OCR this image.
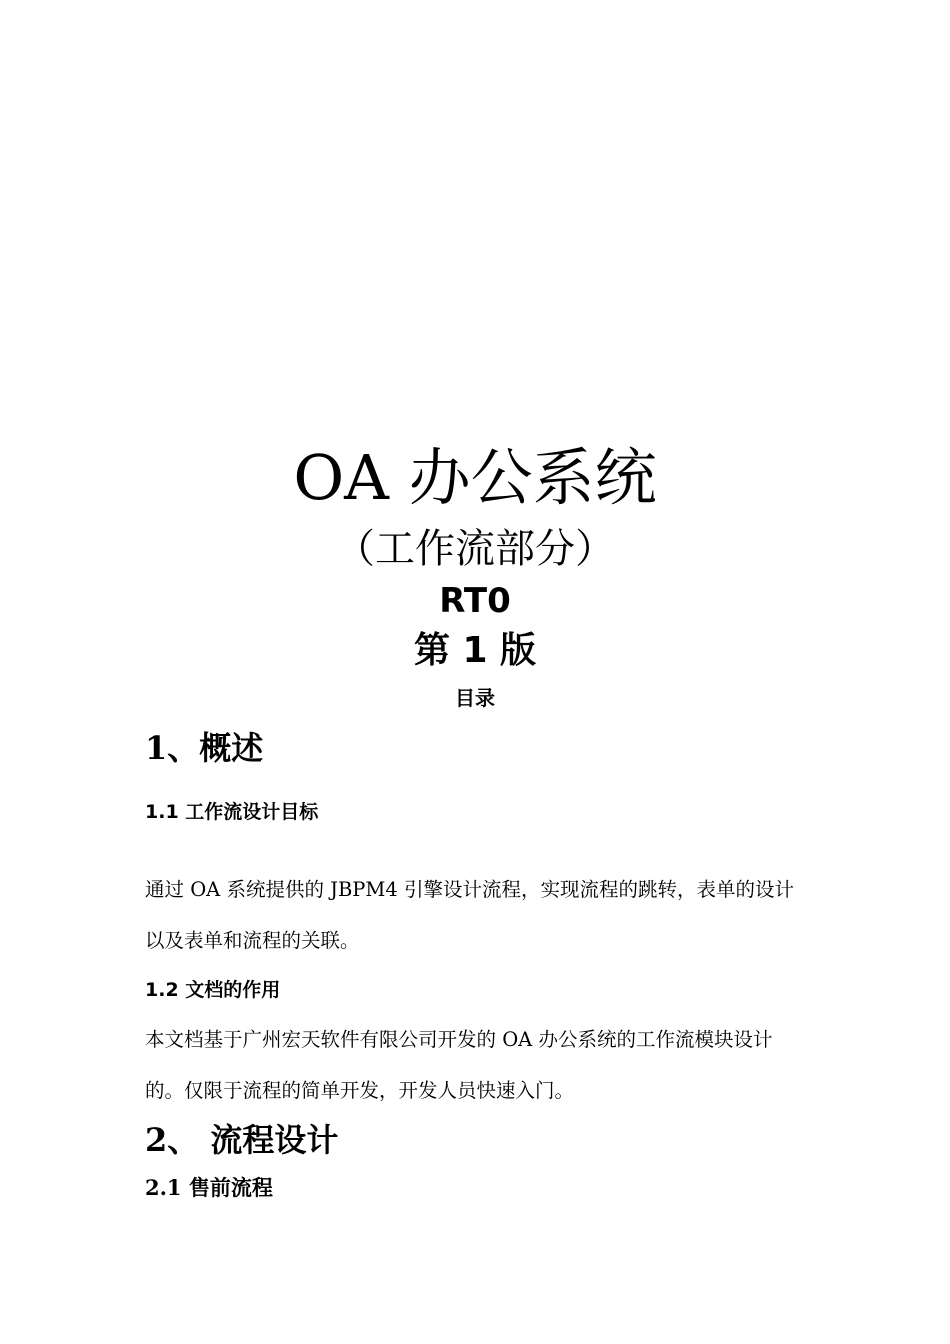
OA 办公系统
（工作流部分）
RT0
第 1 版
目录
1、概述
1.1 工作流设计目标

通过 OA 系统提供的 JBPM4 引擎设计流程，实现流程的跳转，表单的设计以及表单和流程的关联。

1.2 文档的作用

本文档基于广州宏天软件有限公司开发的 OA 办公系统的工作流模块设计的。仅限于流程的简单开发，开发人员快速入门。

2、 流程设计
2.1 售前流程
